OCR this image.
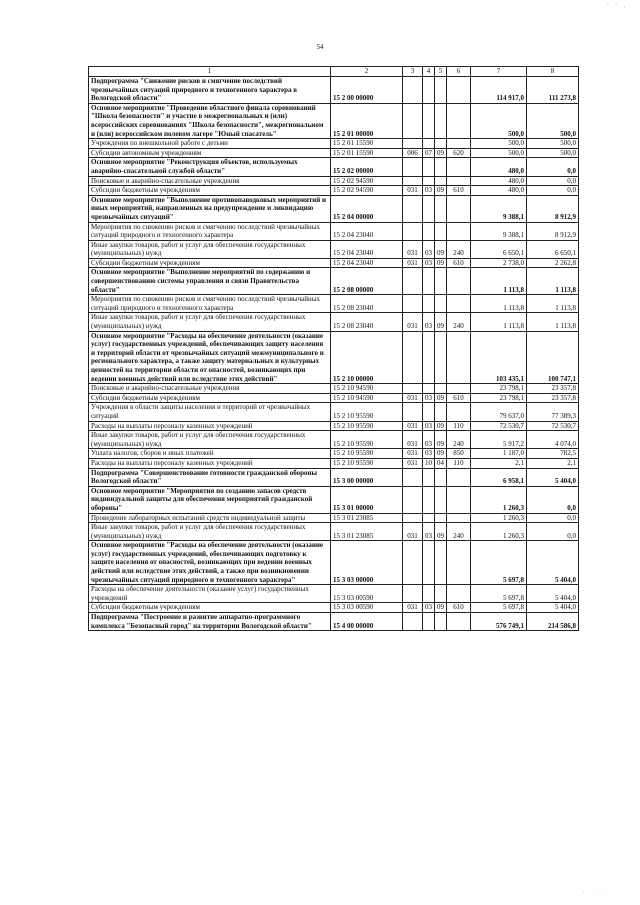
' ' ,
54
1	2	3	4	5	6	7	8
Подпрограмма "Снижение рисков и смягчение последствий чрезвычайных ситуаций природного и техногенного характера в Вологодской области"	15 2 00 00000					114 917,0	111 273,8
Основное мероприятие "Проведение областного финала соревнований "Школа безопасности" и участие в межрегиональных и (или) всероссийских соревнованиях "Школа безопасности", межрегиональном и (или) всероссийском полевом лагере "Юный спасатель"	15 2 01 00000					500,0	500,0
Учреждения по внешкольной работе с детьми	15 2 01 15590					500,0	500,0
Субсидии автономным учреждениям	15 2 01 15590	006	07	09	620	500,0	500,0
Основное мероприятие "Реконструкция объектов, используемых аварийно-спасательной службой области"	15 2 02 00000					480,0	0,0
Поисковые и аварийно-спасательные учреждения	15 2 02 94590					480,0	0,0
Субсидии бюджетным учреждениям	15 2 02 94590	031	03	09	610	480,0	0,0
Основное мероприятие "Выполнение противопаводковых мероприятий и иных мероприятий, направленных на предупреждение и ликвидацию чрезвычайных ситуаций"	15 2 04 00000					9 388,1	8 912,9
Мероприятия по снижению рисков и смягчению последствий чрезвычайных ситуаций природного и техногенного характера	15 2 04 23040					9 388,1	8 912,9
Иные закупки товаров, работ и услуг для обеспечения государственных (муниципальных) нужд	15 2 04 23040	031	03	09	240	6 650,1	6 650,1
Субсидии бюджетным учреждениям	15 2 04 23040	031	03	09	610	2 738,0	2 262,8
Основное мероприятие "Выполнение мероприятий по содержанию и совершенствованию системы управления и связи Правительства области"	15 2 08 00000					1 113,8	1 113,8
Мероприятия по снижению рисков и смягчению последствий чрезвычайных ситуаций природного и техногенного характера	15 2 08 23040					1 113,8	1 113,8
Иные закупки товаров, работ и услуг для обеспечения государственных (муниципальных) нужд	15 2 08 23040	031	03	09	240	1 113,8	1 113,8
Основное мероприятие "Расходы на обеспечение деятельности (оказание услуг) государственных учреждений, обеспечивающих защиту населения и территорий области от чрезвычайных ситуаций межмуниципального и регионального характера, а также защиту материальных и культурных ценностей на территории области от опасностей, возникающих при ведении военных действий или вследствие этих действий"	15 2 10 00000					103 435,1	100 747,1
Поисковые и аварийно-спасательные учреждения	15 2 10 94590					23 798,1	23 357,8
Субсидии бюджетным учреждениям	15 2 10 94590	031	03	09	610	23 798,1	23 357,8
Учреждения в области защиты населения и территорий от чрезвычайных ситуаций	15 2 10 95590					79 637,0	77 389,3
Расходы на выплаты персоналу казенных учреждений	15 2 10 95590	031	03	09	110	72 530,7	72 530,7
Иные закупки товаров, работ и услуг для обеспечения государственных (муниципальных) нужд	15 2 10 95590	031	03	09	240	5 917,2	4 074,0
Уплата налогов, сборов и иных платежей	15 2 10 95590	031	03	09	850	1 187,0	782,5
Расходы на выплаты персоналу казенных учреждений	15 2 10 95590	031	10	04	110	2,1	2,1
Подпрограмма "Совершенствование готовности гражданской обороны Вологодской области"	15 3 00 00000					6 958,1	5 404,0
Основное мероприятие "Мероприятия по созданию запасов средств индивидуальной защиты для обеспечения мероприятий гражданской обороны"	15 3 01 00000					1 260,3	0,0
Проведение лабораторных испытаний средств индивидуальной защиты	15 3 01 23085					1 260,3	0,0
Иные закупки товаров, работ и услуг для обеспечения государственных (муниципальных) нужд	15 3 01 23085	031	03	09	240	1 260,3	0,0
Основное мероприятие "Расходы на обеспечение деятельности (оказание услуг) государственных учреждений, обеспечивающих подготовку к защите населения от опасностей, возникающих при ведении военных действий или вследствие этих действий, а также при возникновении чрезвычайных ситуаций природного и техногенного характера"	15 3 03 00000					5 697,8	5 404,0
Расходы на обеспечение деятельности (оказание услуг) государственных учреждений	15 3 03 00590					5 697,8	5 404,0
Субсидии бюджетным учреждениям	15 3 03 00590	031	03	09	610	5 697,8	5 404,0
Подпрограмма "Построение и развитие аппаратно-программного комплекса "Безопасный город" на территории Вологодской области"	15 4 00 00000					576 749,1	214 586,8
· · ·
